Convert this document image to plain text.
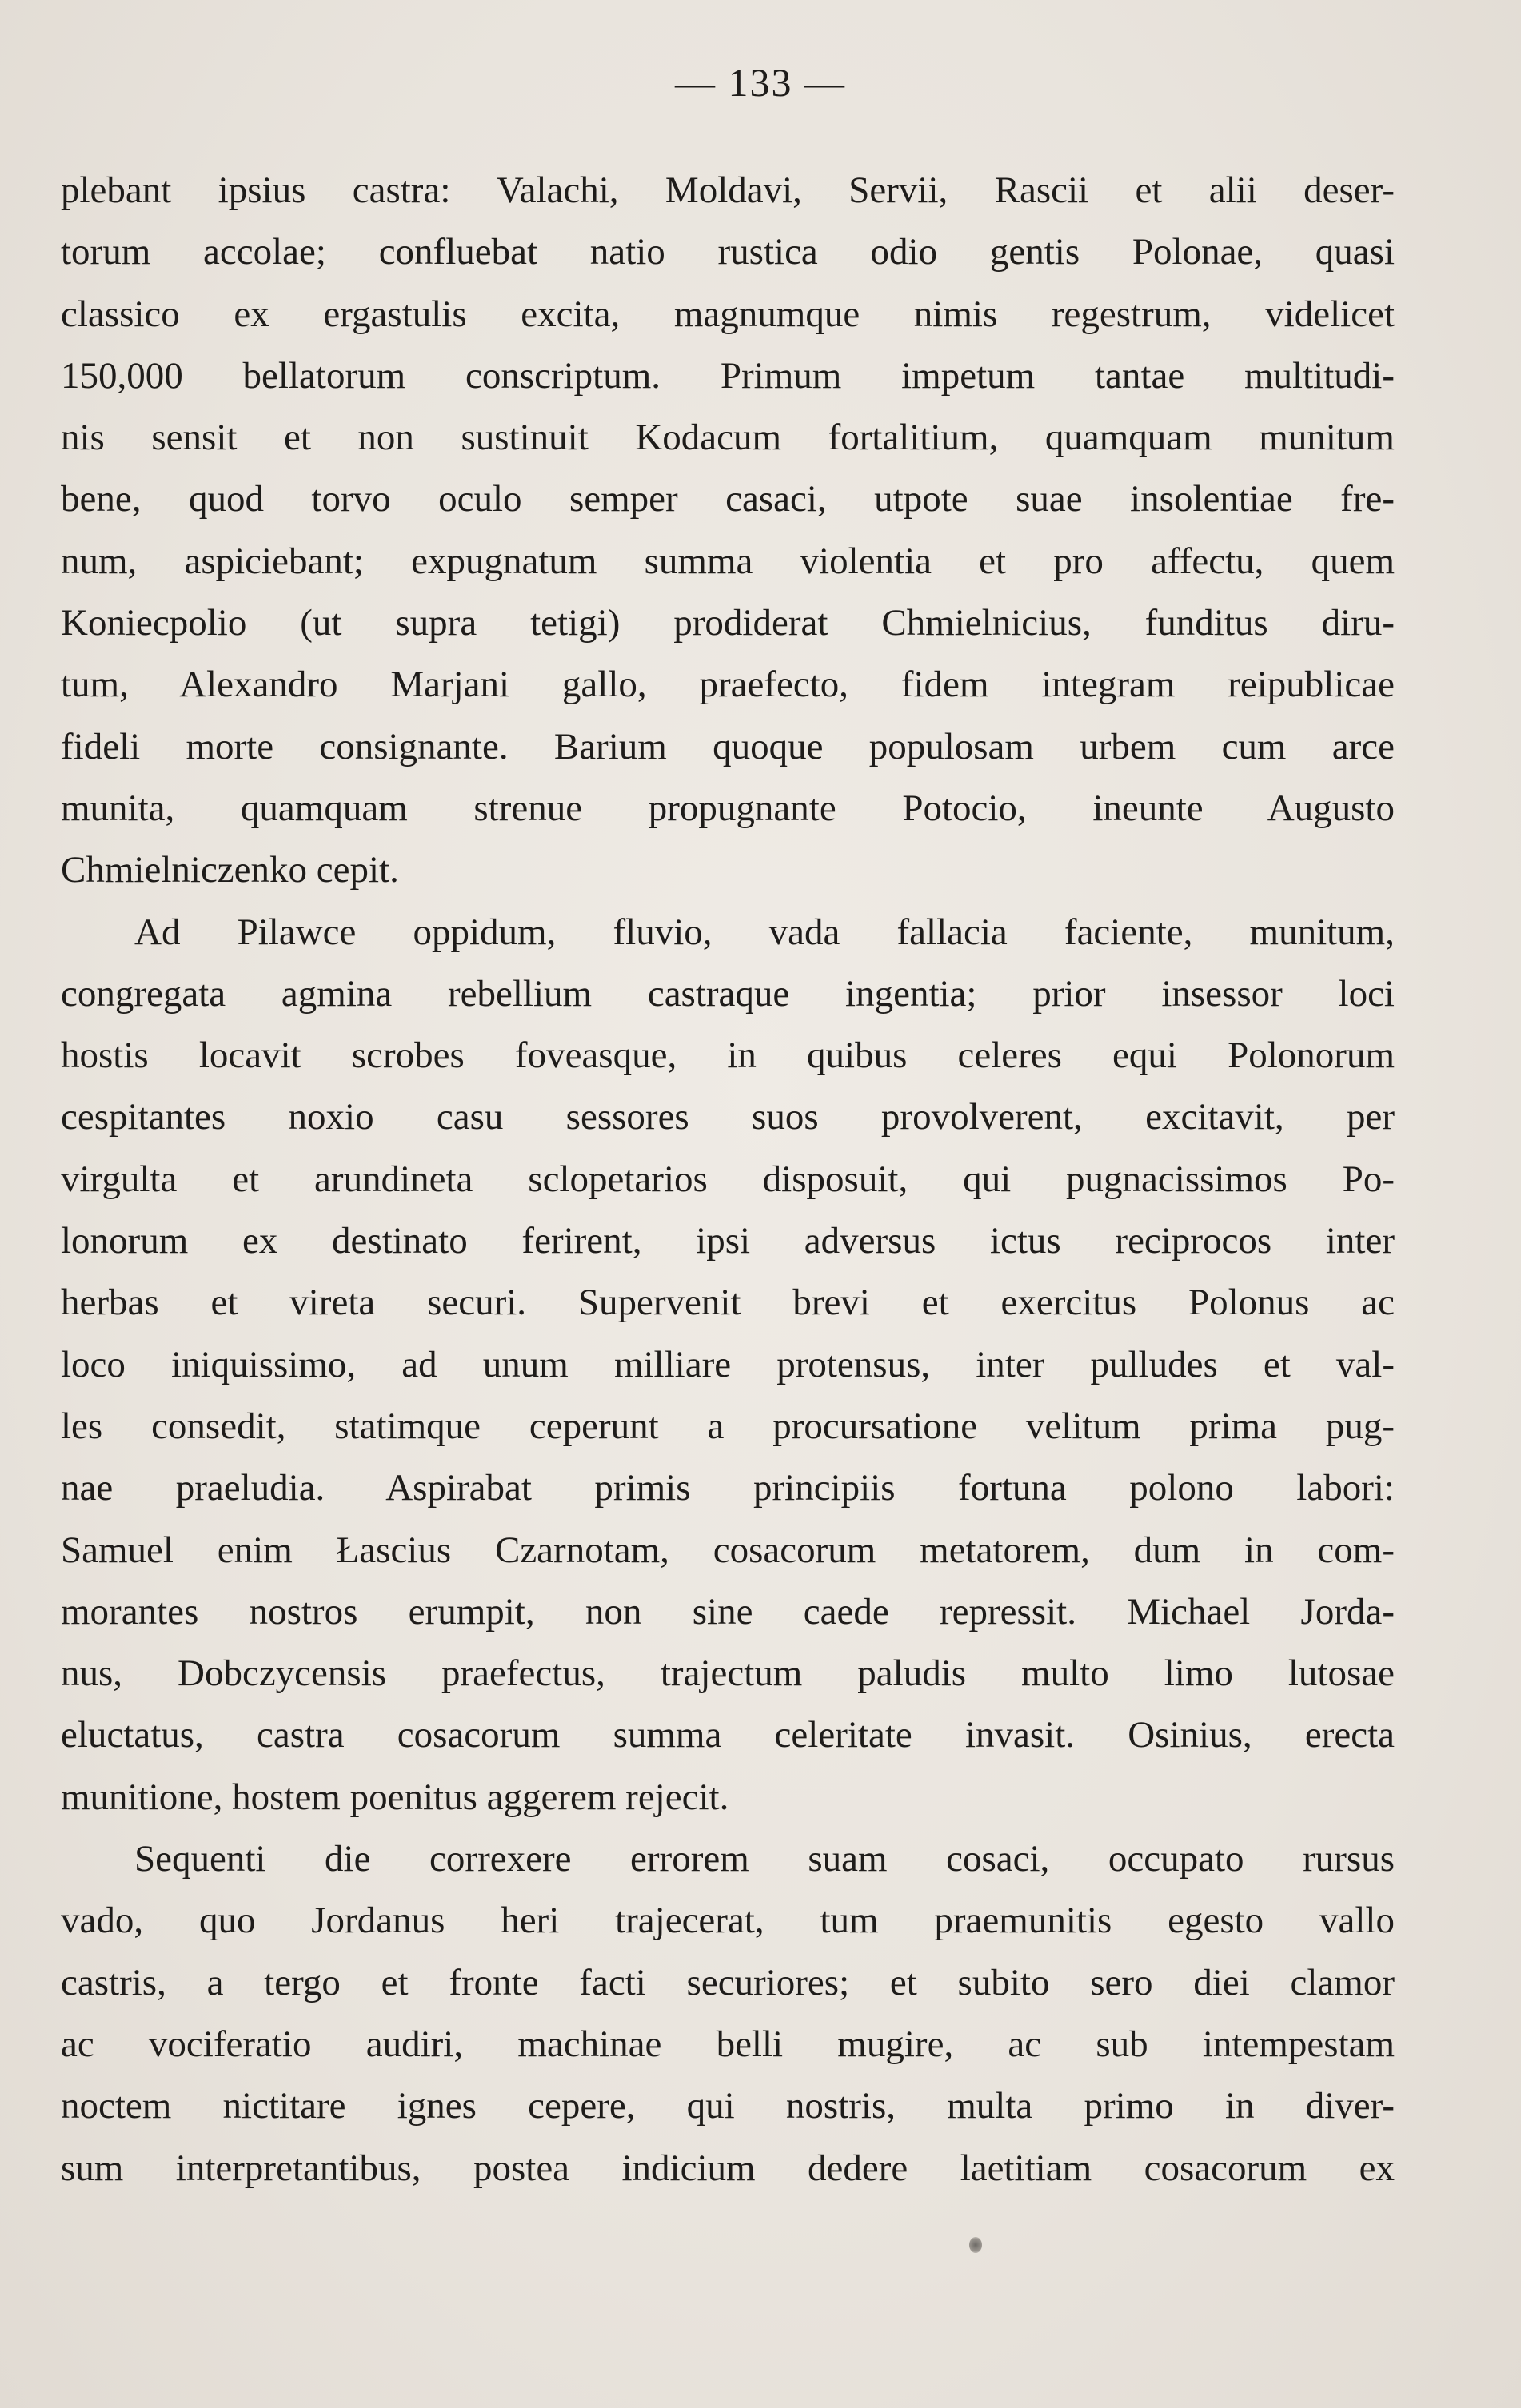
— 133 —
plebant ipsius castra: Valachi, Moldavi, Servii, Rascii et alii deser-
torum accolae; confluebat natio rustica odio gentis Polonae, quasi
classico ex ergastulis excita, magnumque nimis regestrum, videlicet
150,000 bellatorum conscriptum. Primum impetum tantae multitudi-
nis sensit et non sustinuit Kodacum fortalitium, quamquam munitum
bene, quod torvo oculo semper casaci, utpote suae insolentiae fre-
num, aspiciebant; expugnatum summa violentia et pro affectu, quem
Koniecpolio (ut supra tetigi) prodiderat Chmielnicius, funditus diru-
tum, Alexandro Marjani gallo, praefecto, fidem integram reipublicae
fideli morte consignante. Barium quoque populosam urbem cum arce
munita, quamquam strenue propugnante Potocio, ineunte Augusto
Chmielniczenko cepit.
Ad Pilawce oppidum, fluvio, vada fallacia faciente, munitum,
congregata agmina rebellium castraque ingentia; prior insessor loci
hostis locavit scrobes foveasque, in quibus celeres equi Polonorum
cespitantes noxio casu sessores suos provolverent, excitavit, per
virgulta et arundineta sclopetarios disposuit, qui pugnacissimos Po-
lonorum ex destinato ferirent, ipsi adversus ictus reciprocos inter
herbas et vireta securi. Supervenit brevi et exercitus Polonus ac
loco iniquissimo, ad unum milliare protensus, inter pulludes et val-
les consedit, statimque ceperunt a procursatione velitum prima pug-
nae praeludia. Aspirabat primis principiis fortuna polono labori:
Samuel enim Łascius Czarnotam, cosacorum metatorem, dum in com-
morantes nostros erumpit, non sine caede repressit. Michael Jorda-
nus, Dobczycensis praefectus, trajectum paludis multo limo lutosae
eluctatus, castra cosacorum summa celeritate invasit. Osinius, erecta
munitione, hostem poenitus aggerem rejecit.
Sequenti die correxere errorem suam cosaci, occupato rursus
vado, quo Jordanus heri trajecerat, tum praemunitis egesto vallo
castris, a tergo et fronte facti securiores; et subito sero diei clamor
ac vociferatio audiri, machinae belli mugire, ac sub intempestam
noctem nictitare ignes cepere, qui nostris, multa primo in diver-
sum interpretantibus, postea indicium dedere laetitiam cosacorum ex
